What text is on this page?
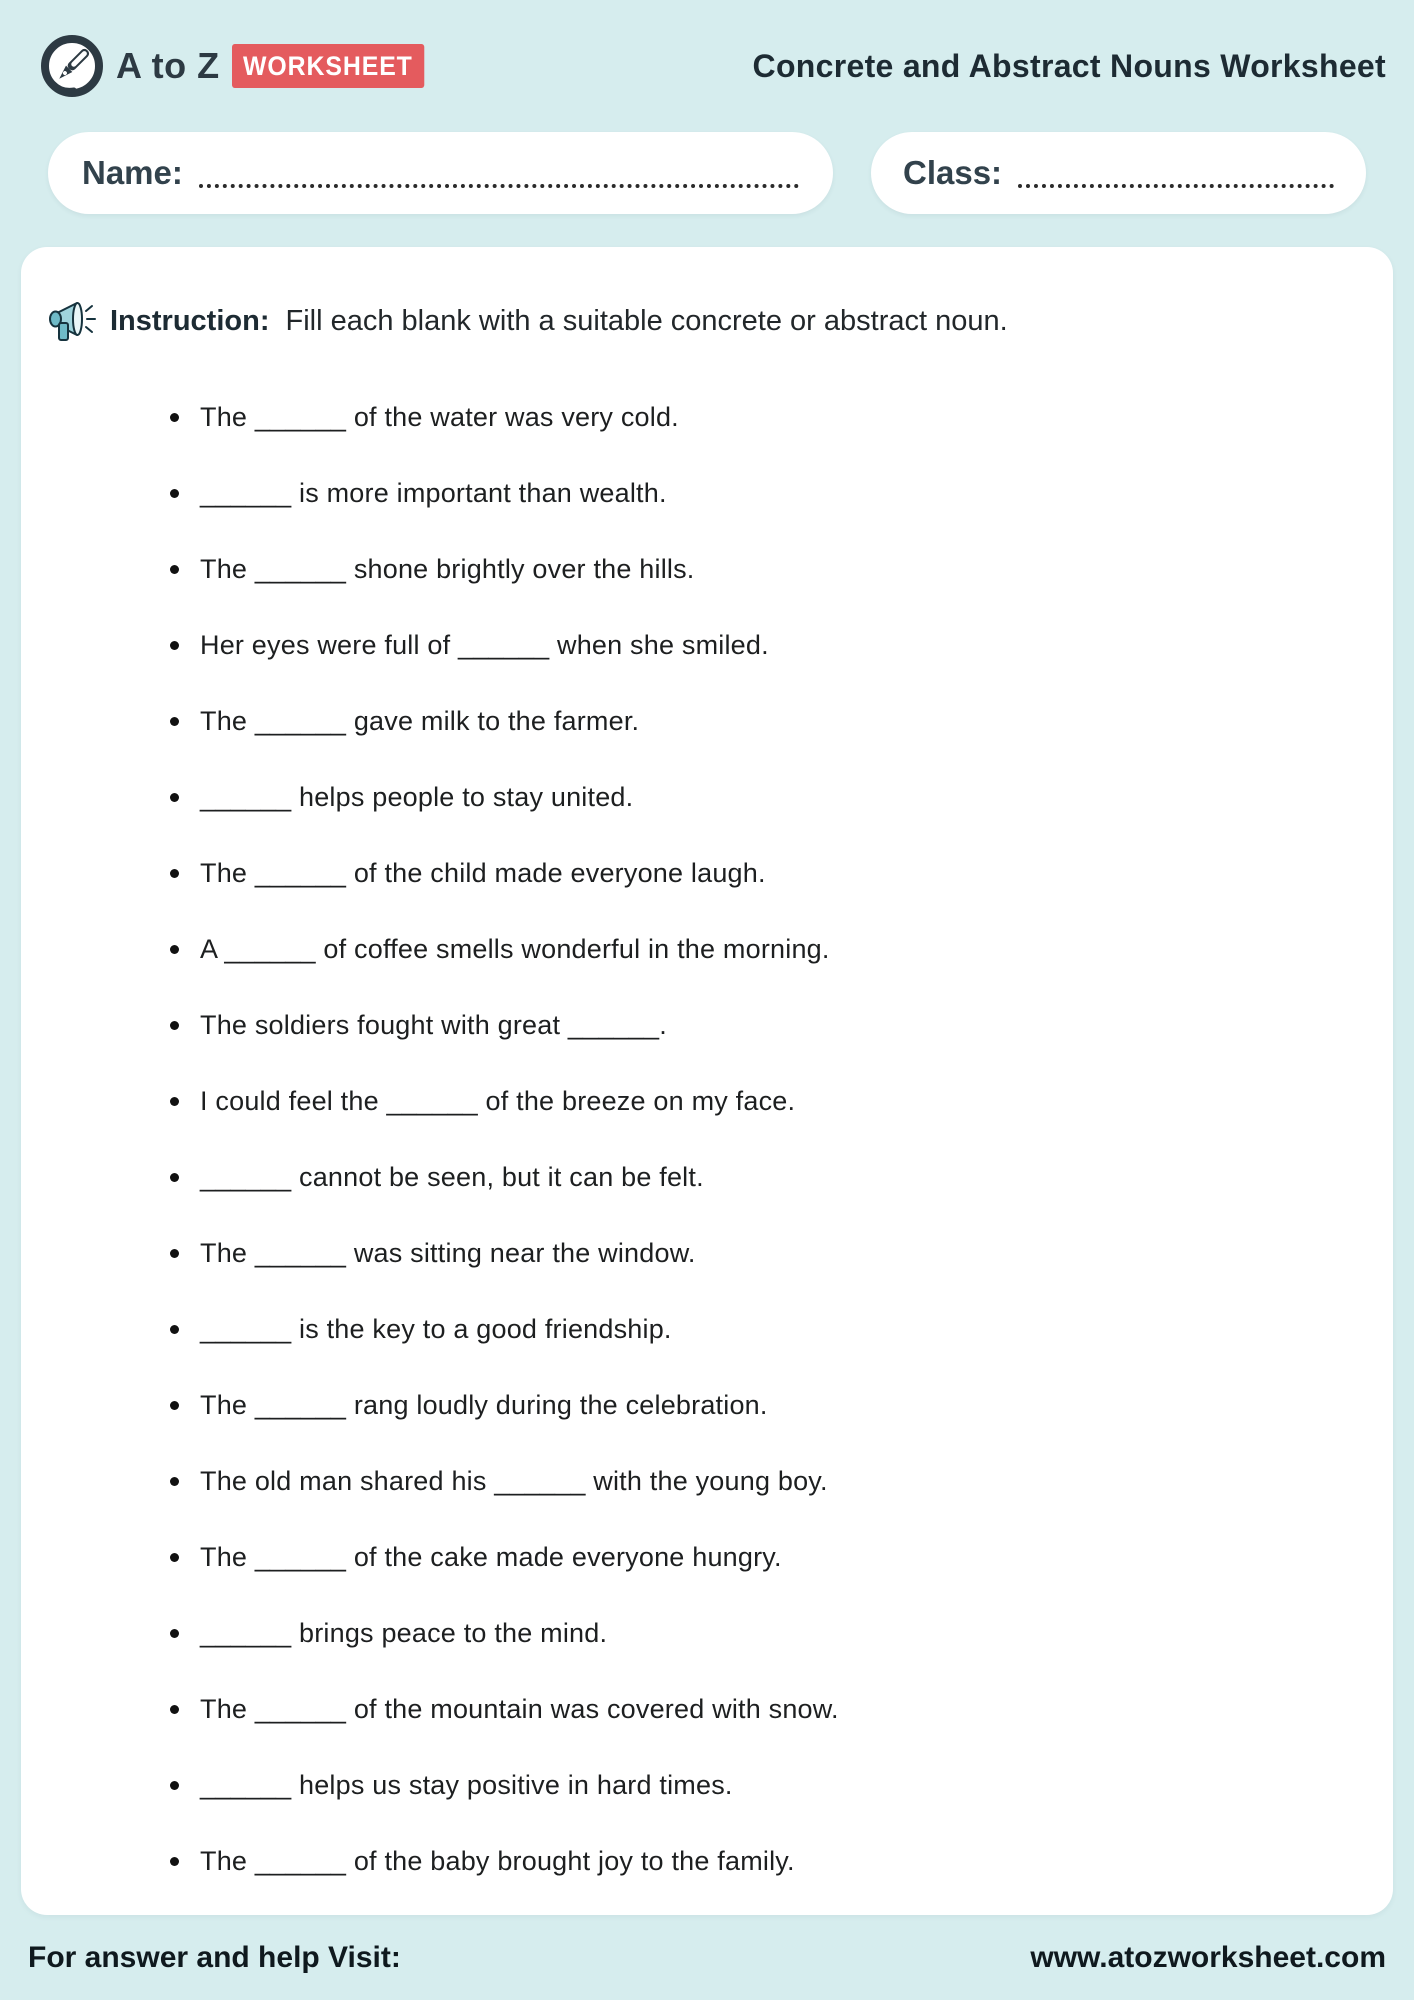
A to Z WORKSHEET	Concrete and Abstract Nouns Worksheet
Name:	Class:
Instruction: Fill each blank with a suitable concrete or abstract noun.
The ______ of the water was very cold.
______ is more important than wealth.
The ______ shone brightly over the hills.
Her eyes were full of ______ when she smiled.
The ______ gave milk to the farmer.
______ helps people to stay united.
The ______ of the child made everyone laugh.
A ______ of coffee smells wonderful in the morning.
The soldiers fought with great ______.
I could feel the ______ of the breeze on my face.
______ cannot be seen, but it can be felt.
The ______ was sitting near the window.
______ is the key to a good friendship.
The ______ rang loudly during the celebration.
The old man shared his ______ with the young boy.
The ______ of the cake made everyone hungry.
______ brings peace to the mind.
The ______ of the mountain was covered with snow.
______ helps us stay positive in hard times.
The ______ of the baby brought joy to the family.
For answer and help Visit:	www.atozworksheet.com
